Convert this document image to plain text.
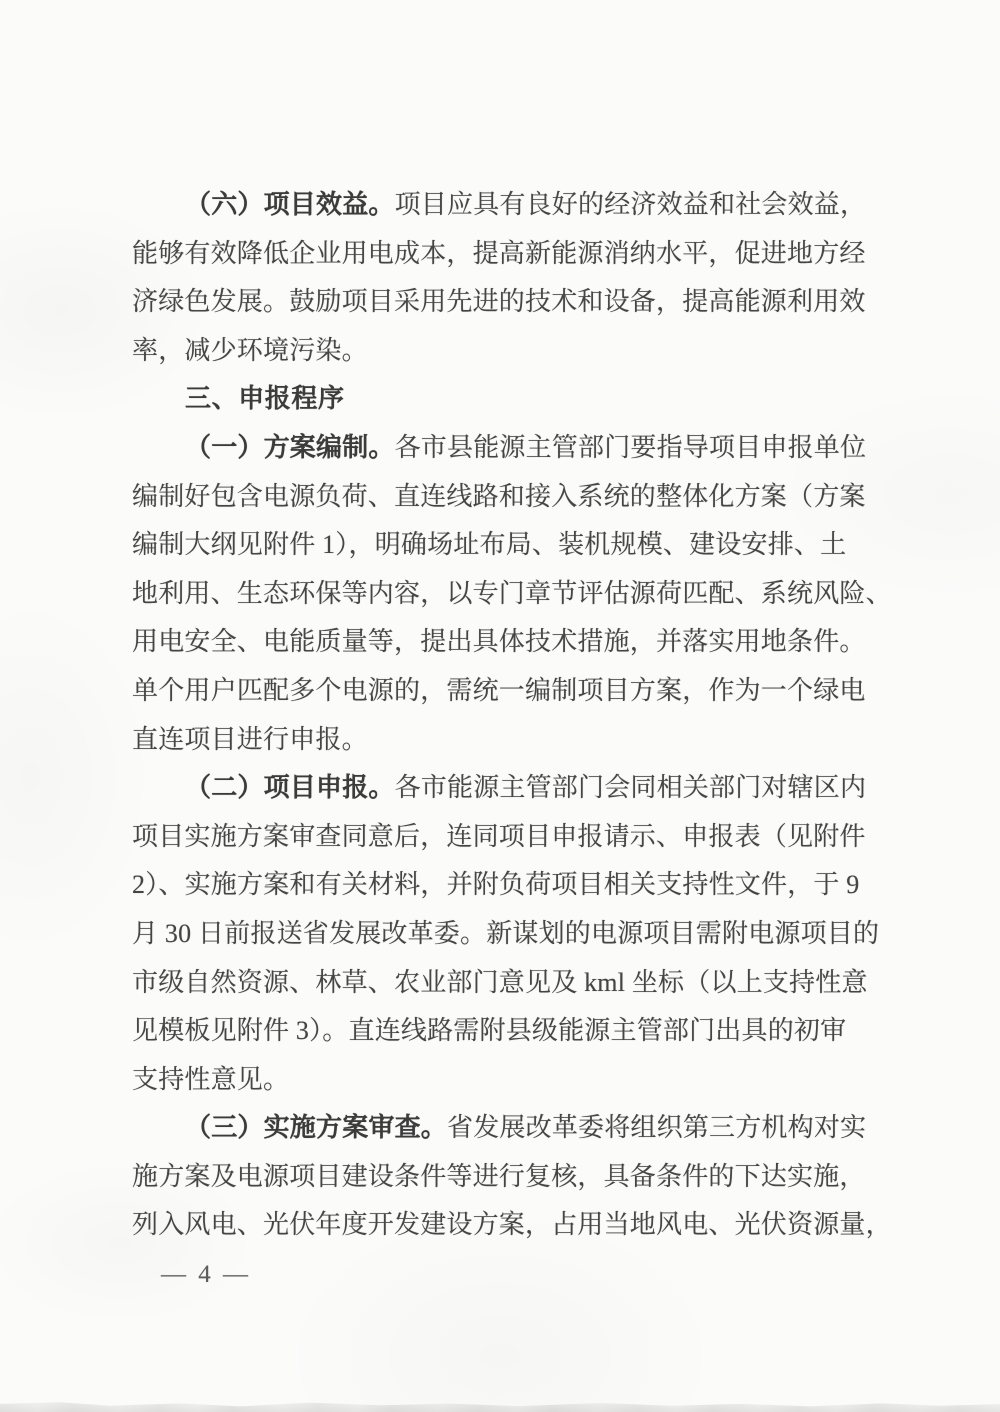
（六）项目效益。项目应具有良好的经济效益和社会效益，
能够有效降低企业用电成本，提高新能源消纳水平，促进地方经
济绿色发展。鼓励项目采用先进的技术和设备，提高能源利用效
率，减少环境污染。
三、申报程序
（一）方案编制。各市县能源主管部门要指导项目申报单位
编制好包含电源负荷、直连线路和接入系统的整体化方案（方案
编制大纲见附件 1），明确场址布局、装机规模、建设安排、土
地利用、生态环保等内容，以专门章节评估源荷匹配、系统风险、
用电安全、电能质量等，提出具体技术措施，并落实用地条件。
单个用户匹配多个电源的，需统一编制项目方案，作为一个绿电
直连项目进行申报。
（二）项目申报。各市能源主管部门会同相关部门对辖区内
项目实施方案审查同意后，连同项目申报请示、申报表（见附件
2）、实施方案和有关材料，并附负荷项目相关支持性文件，于 9
月 30 日前报送省发展改革委。新谋划的电源项目需附电源项目的
市级自然资源、林草、农业部门意见及 kml 坐标（以上支持性意
见模板见附件 3）。直连线路需附县级能源主管部门出具的初审
支持性意见。
（三）实施方案审查。省发展改革委将组织第三方机构对实
施方案及电源项目建设条件等进行复核，具备条件的下达实施，
列入风电、光伏年度开发建设方案，占用当地风电、光伏资源量，
— 4 —
